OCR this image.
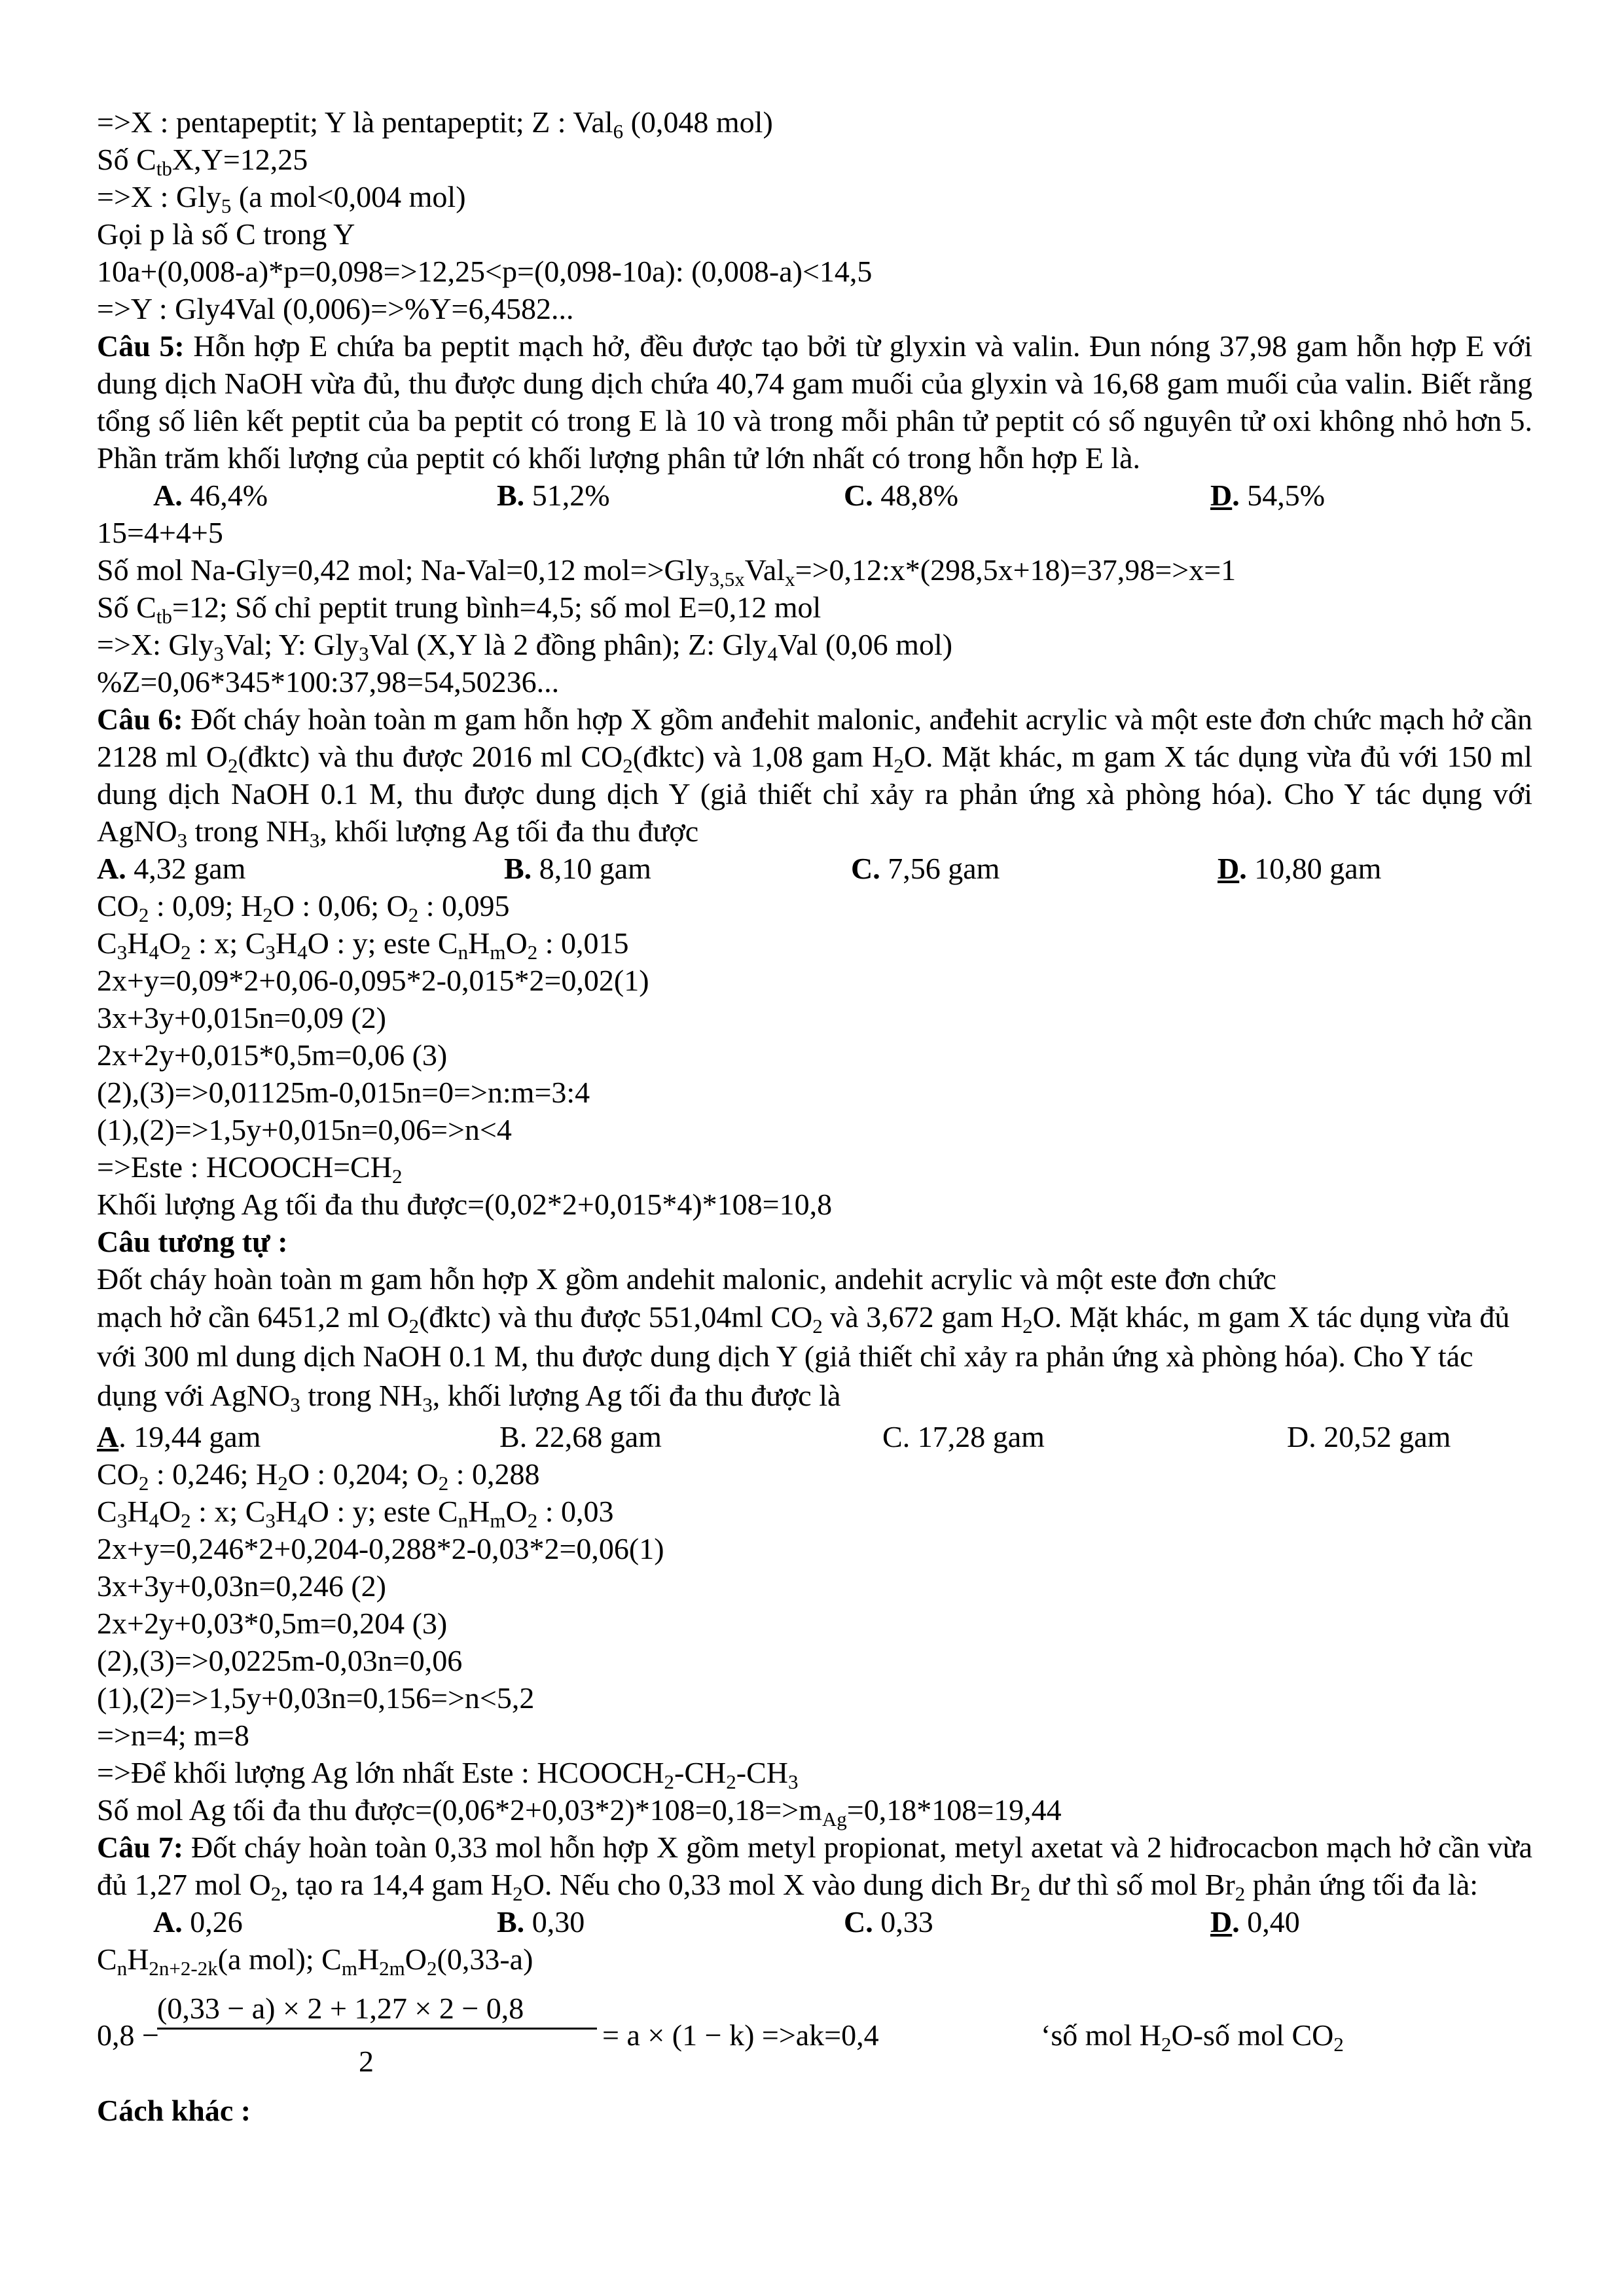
=>X : pentapeptit; Y là pentapeptit; Z : Val$_6$ (0,048 mol)
Số $C_{tb}X,Y=12,25$
=>X : Gly$_5$ (a mol<0,004 mol)
Gọi p là số C trong Y
10a+(0,008-a)*p=0,098=>12,25<p=(0,098-10a): (0,008-a)<14,5
=>Y : Gly4Val (0,006)=>%Y=6,4582...
Câu 5: Hỗn hợp E chứa ba peptit mạch hở, đều được tạo bởi từ glyxin và valin. Đun nóng 37,98 gam hỗn hợp E với dung dịch NaOH vừa đủ, thu được dung dịch chứa 40,74 gam muối của glyxin và 16,68 gam muối của valin. Biết rằng tổng số liên kết peptit của ba peptit có trong E là 10 và trong mỗi phân tử peptit có số nguyên tử oxi không nhỏ hơn 5. Phần trăm khối lượng của peptit có khối lượng phân tử lớn nhất có trong hỗn hợp E là.
A. 46,4%	B. 51,2%	C. 48,8%	D. 54,5%
15=4+4+5
Số mol Na-Gly=0,42 mol; Na-Val=0,12 mol=>Gly$_{3,5x}$Val$_x$=>0,12:x*(298,5x+18)=37,98=>x=1
Số $C_{tb}=12$; Số chỉ peptit trung bình=4,5; số mol E=0,12 mol
=>X: Gly$_3$Val; Y: Gly$_3$Val (X,Y là 2 đồng phân); Z: Gly$_4$Val (0,06 mol)
%Z=0,06*345*100:37,98=54,50236...
Câu 6: Đốt cháy hoàn toàn m gam hỗn hợp X gồm anđehit malonic, anđehit acrylic và một este đơn chức mạch hở cần 2128 ml $O_2(đktc)$ và thu được 2016 ml $CO_2(đktc)$ và 1,08 gam $H_2O$. Mặt khác, m gam X tác dụng vừa đủ với 150 ml dung dịch NaOH 0.1 M, thu được dung dịch Y (giả thiết chỉ xảy ra phản ứng xà phòng hóa). Cho Y tác dụng với AgNO$_3$ trong $NH_3$, khối lượng Ag tối đa thu được
A. 4,32 gam	B. 8,10 gam	C. 7,56 gam	D. 10,80 gam
$CO_2$ : 0,09; $H_2O$ : 0,06; $O_2$ : 0,095
$C_3H_4O_2$ : x; $C_3H_4O$ : y; este $C_nH_mO_2$ : 0,015
2x+y=0,09*2+0,06-0,095*2-0,015*2=0,02(1)
3x+3y+0,015n=0,09 (2)
2x+2y+0,015*0,5m=0,06 (3)
(2),(3)=>0,01125m-0,015n=0=>n:m=3:4
(1),(2)=>1,5y+0,015n=0,06=>n<4
=>Este : $HCOOCH=CH_2$
Khối lượng Ag tối đa thu được=(0,02*2+0,015*4)*108=10,8
Câu tương tự :
Đốt cháy hoàn toàn m gam hỗn hợp X gồm andehit malonic, andehit acrylic và một este đơn chức
mạch hở cần 6451,2 ml $O_2(đktc)$ và thu được 551,04ml $CO_2$ và 3,672 gam $H_2O$. Mặt khác, m gam X tác dụng vừa đủ với 300 ml dung dịch NaOH 0.1 M, thu được dung dịch Y (giả thiết chỉ xảy ra phản ứng xà phòng hóa). Cho Y tác dụng với AgNO$_3$ trong $NH_3$, khối lượng Ag tối đa thu được là
A. 19,44 gam	B. 22,68 gam	C. 17,28 gam	D. 20,52 gam
$CO_2$ : 0,246; $H_2O$ : 0,204; $O_2$ : 0,288
$C_3H_4O_2$ : x; $C_3H_4O$ : y; este $C_nH_mO_2$ : 0,03
2x+y=0,246*2+0,204-0,288*2-0,03*2=0,06(1)
3x+3y+0,03n=0,246 (2)
2x+2y+0,03*0,5m=0,204 (3)
(2),(3)=>0,0225m-0,03n=0,06
(1),(2)=>1,5y+0,03n=0,156=>n<5,2
=>n=4; m=8
=>Để khối lượng Ag lớn nhất Este : $HCOOCH_2-CH_2-CH_3$
Số mol Ag tối đa thu $được=(0,06*2+0,03*2)*108=0,18=>m_{Ag}=0,18*108=19,44$
Câu 7: Đốt cháy hoàn toàn 0,33 mol hỗn hợp X gồm metyl propionat, metyl axetat và 2 hiđrocacbon mạch hở cần vừa đủ 1,27 mol $O_2$, tạo ra 14,4 gam $H_2O$. Nếu cho 0,33 mol X vào dung dich $Br_2$ dư thì số mol $Br_2$ phản ứng tối đa là:
A. 0,26	B. 0,30	C. 0,33	D. 0,40
$C_nH_{2n+2-2k}(a$ mol); $C_mH_{2m}O_2(0,33-a)$
0,8 −
(0,33 − a) × 2 + 1,27 × 2 − 0,8
2
= a × (1 − k) =>ak=0,4	‘số mol $H_2O-số$ mol $CO_2$
Cách khác :
